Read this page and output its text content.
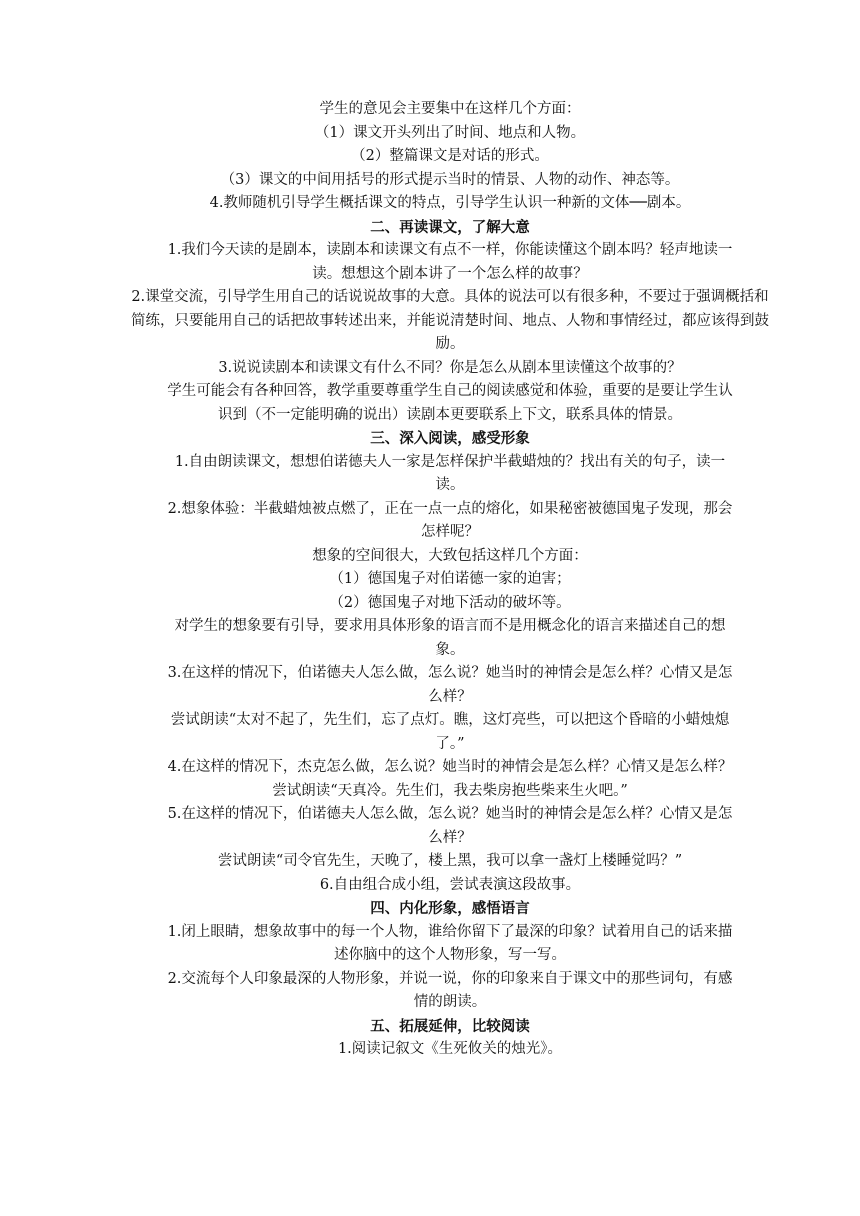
学生的意见会主要集中在这样几个方面：

（1）课文开头列出了时间、地点和人物。

（2）整篇课文是对话的形式。

（3）课文的中间用括号的形式提示当时的情景、人物的动作、神态等。

4.教师随机引导学生概括课文的特点，引导学生认识一种新的文体──剧本。

二、再读课文，了解大意

1.我们今天读的是剧本，读剧本和读课文有点不一样，你能读懂这个剧本吗？轻声地读一读。想想这个剧本讲了一个怎么样的故事？

2.课堂交流，引导学生用自己的话说说故事的大意。具体的说法可以有很多种，不要过于强调概括和简练，只要能用自己的话把故事转述出来，并能说清楚时间、地点、人物和事情经过，都应该得到鼓励。

3.说说读剧本和读课文有什么不同？你是怎么从剧本里读懂这个故事的？

学生可能会有各种回答，教学重要尊重学生自己的阅读感觉和体验，重要的是要让学生认识到（不一定能明确的说出）读剧本更要联系上下文，联系具体的情景。

三、深入阅读，感受形象

1.自由朗读课文，想想伯诺德夫人一家是怎样保护半截蜡烛的？找出有关的句子，读一读。

2.想象体验：半截蜡烛被点燃了，正在一点一点的熔化，如果秘密被德国鬼子发现，那会怎样呢？

想象的空间很大，大致包括这样几个方面：

（1）德国鬼子对伯诺德一家的迫害；

（2）德国鬼子对地下活动的破坏等。

对学生的想象要有引导，要求用具体形象的语言而不是用概念化的语言来描述自己的想象。

3.在这样的情况下，伯诺德夫人怎么做，怎么说？她当时的神情会是怎么样？心情又是怎么样？

尝试朗读“太对不起了，先生们，忘了点灯。瞧，这灯亮些，可以把这个昏暗的小蜡烛熄了。”

4.在这样的情况下，杰克怎么做，怎么说？她当时的神情会是怎么样？心情又是怎么样？

尝试朗读“天真冷。先生们，我去柴房抱些柴来生火吧。”

5.在这样的情况下，伯诺德夫人怎么做，怎么说？她当时的神情会是怎么样？心情又是怎么样？

尝试朗读“司令官先生，天晚了，楼上黑，我可以拿一盏灯上楼睡觉吗？”

6.自由组合成小组，尝试表演这段故事。

四、内化形象，感悟语言

1.闭上眼睛，想象故事中的每一个人物，谁给你留下了最深的印象？试着用自己的话来描述你脑中的这个人物形象，写一写。

2.交流每个人印象最深的人物形象，并说一说，你的印象来自于课文中的那些词句，有感情的朗读。

五、拓展延伸，比较阅读

1.阅读记叙文《生死攸关的烛光》。
